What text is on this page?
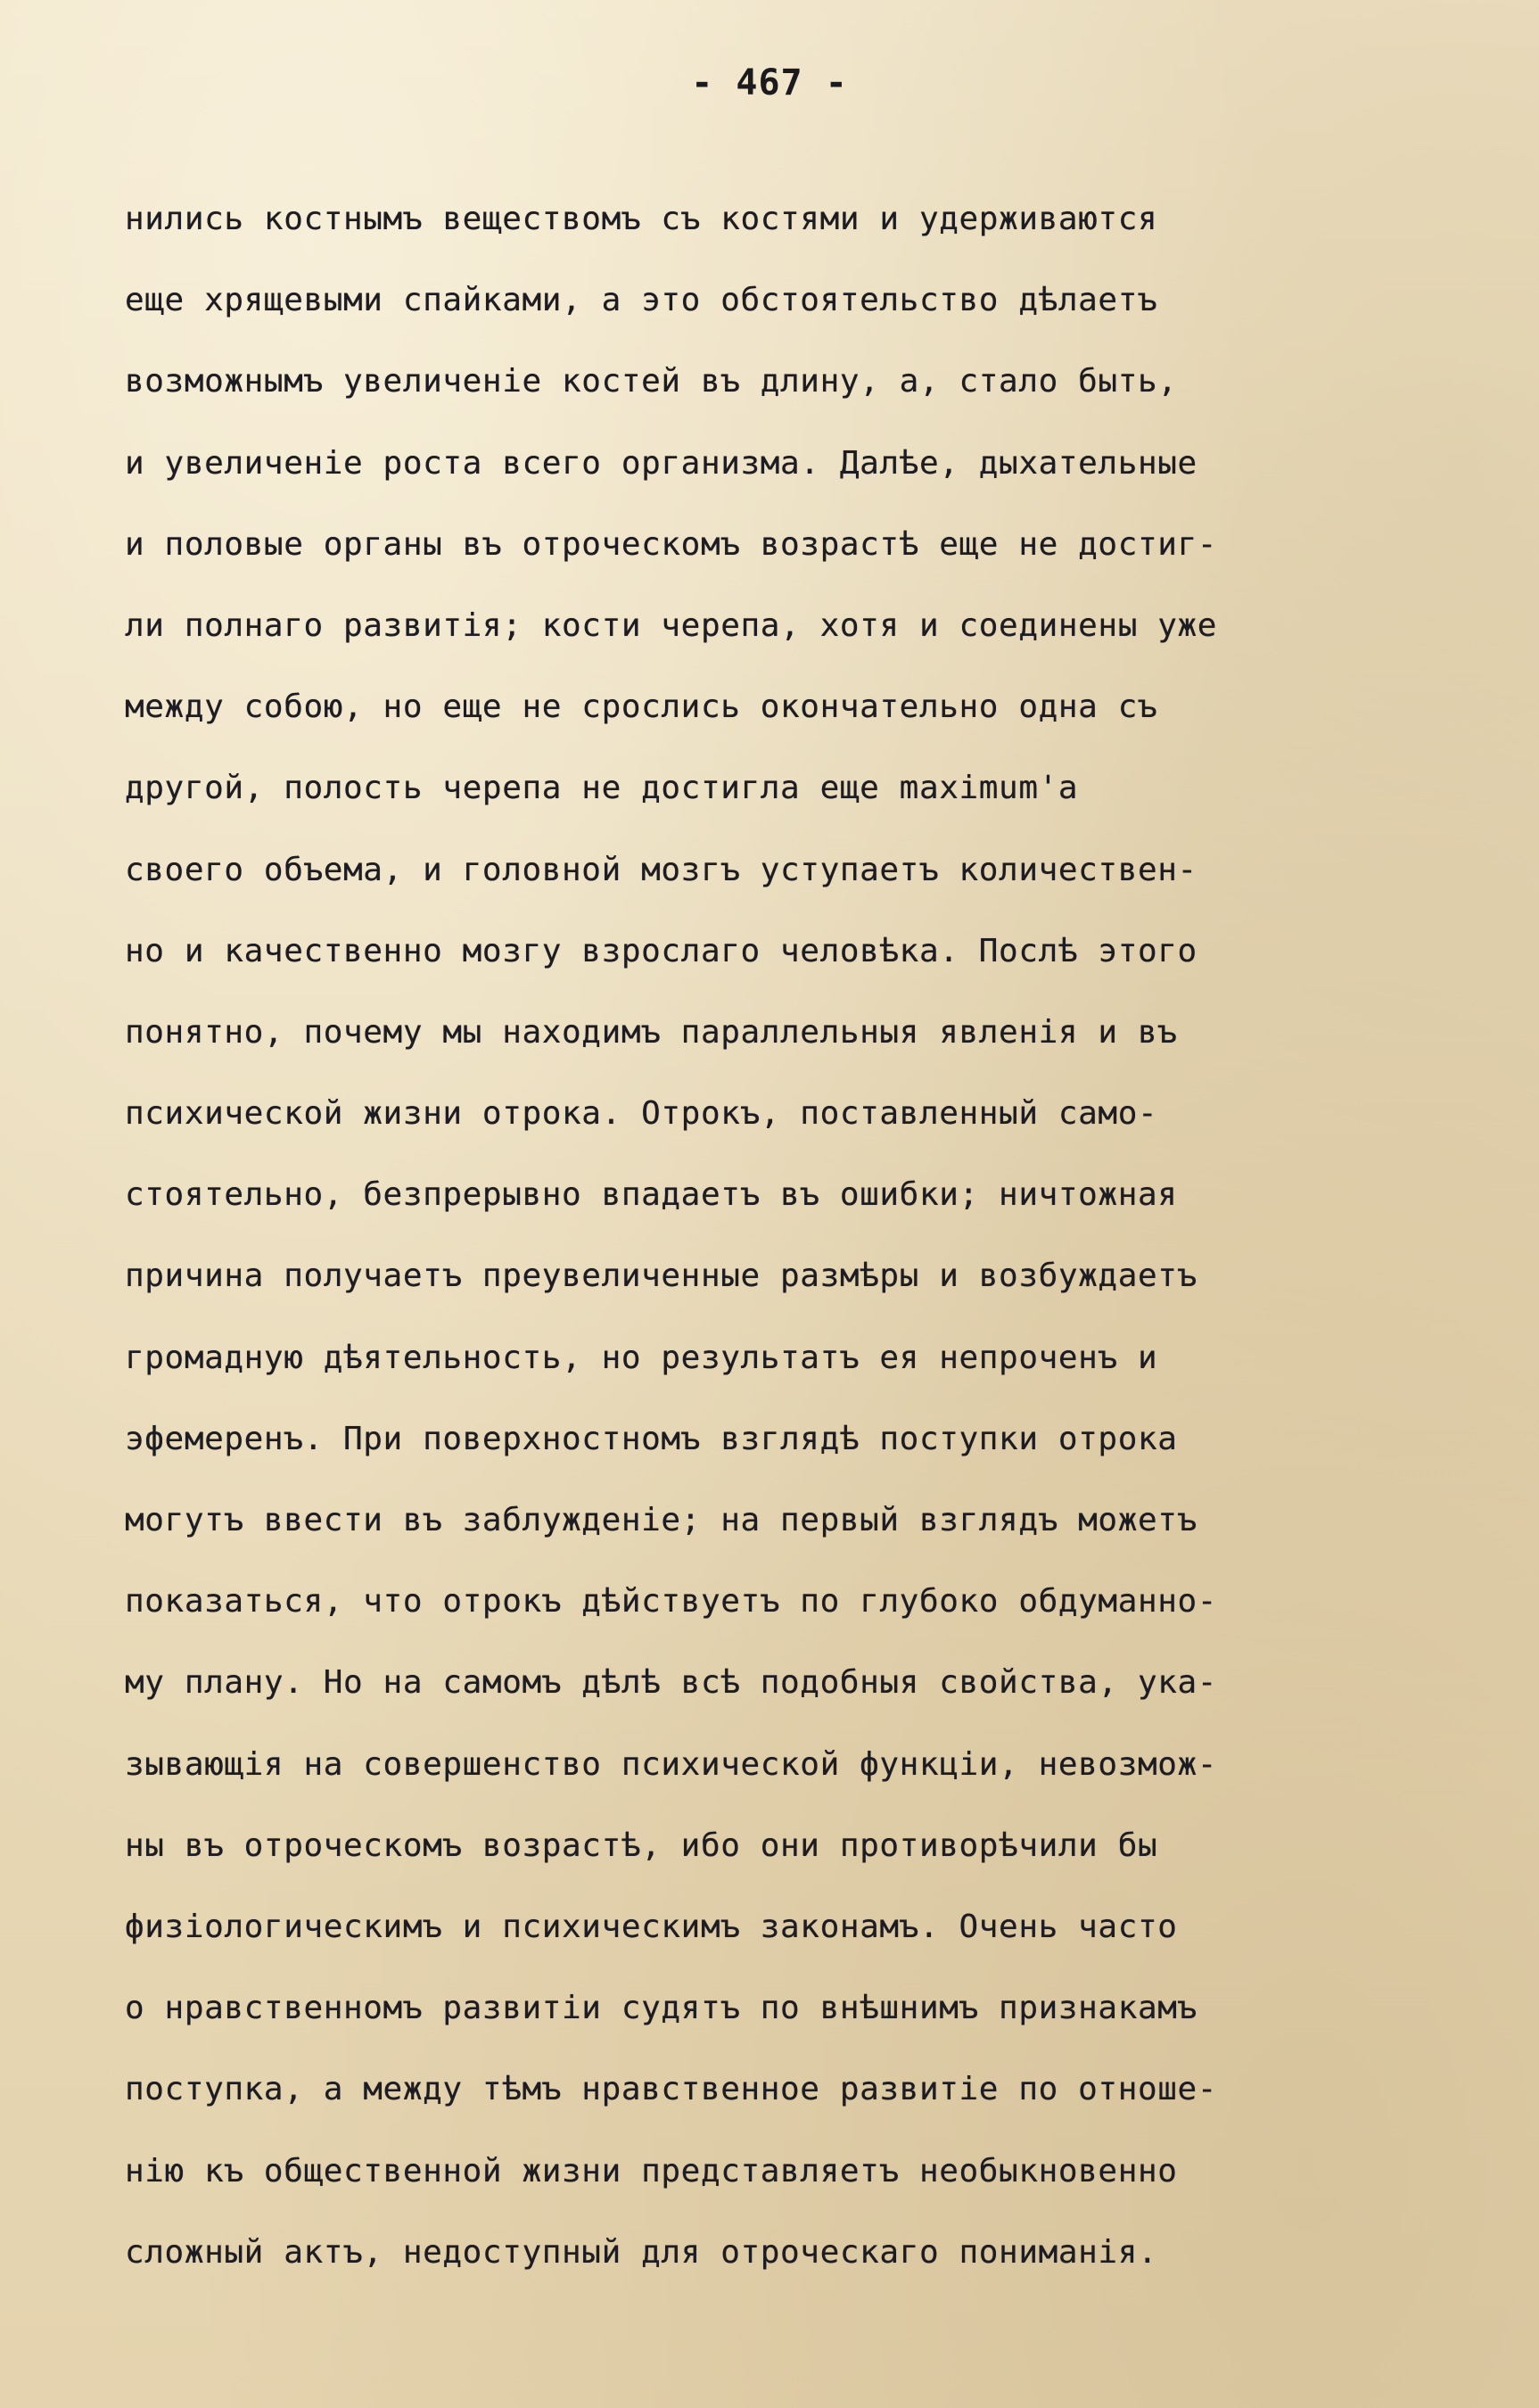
- 467 -
нились костнымъ веществомъ съ костями и удерживаются
еще хрящевыми спайками, а это обстоятельство дѣлаетъ
возможнымъ увеличенiе костей въ длину, а, стало быть,
и увеличенiе роста всего организма. Далѣе, дыхательные
и половые органы въ отроческомъ возрастѣ еще не достиг-
ли полнаго развитiя; кости черепа, хотя и соединены уже
между собою, но еще не срослись окончательно одна съ
другой, полость черепа не достигла еще maximum'а
своего объема, и головной мозгъ уступаетъ количествен-
но и качественно мозгу взрослаго человѣка. Послѣ этого
понятно, почему мы находимъ параллельныя явленiя и въ
психической жизни отрока. Отрокъ, поставленный само-
стоятельно, безпрерывно впадаетъ въ ошибки; ничтожная
причина получаетъ преувеличенные размѣры и возбуждаетъ
громадную дѣятельность, но результатъ ея непроченъ и
эфемеренъ. При поверхностномъ взглядѣ поступки отрока
могутъ ввести въ заблужденiе; на первый взглядъ можетъ
показаться, что отрокъ дѣйствуетъ по глубоко обдуманно-
му плану. Но на самомъ дѣлѣ всѣ подобныя свойства, ука-
зывающiя на совершенство психической функцiи, невозмож-
ны въ отроческомъ возрастѣ, ибо они противорѣчили бы
физiологическимъ и психическимъ законамъ. Очень часто
о нравственномъ развитiи судятъ по внѣшнимъ признакамъ
поступка, а между тѣмъ нравственное развитiе по отноше-
нiю къ общественной жизни представляетъ необыкновенно
сложный актъ, недоступный для отроческаго пониманiя.
